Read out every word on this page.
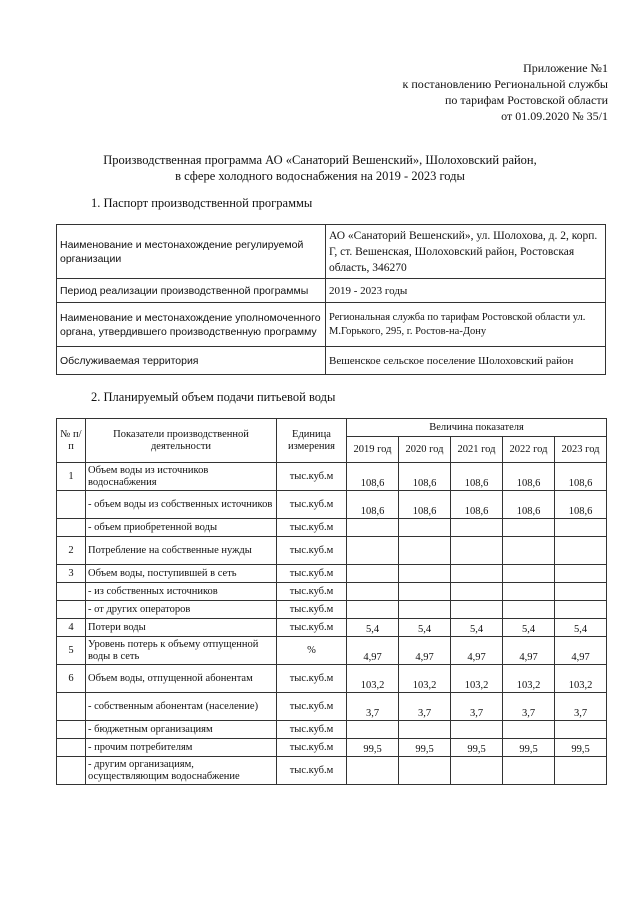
Приложение №1
к постановлению Региональной службы
по тарифам Ростовской области
от 01.09.2020 № 35/1
Производственная программа АО «Санаторий Вешенский», Шолоховский район,
в сфере холодного водоснабжения на 2019 - 2023 годы
1. Паспорт производственной программы
Наименование и местонахождение регулируемой организации	АО «Санаторий Вешенский», ул. Шолохова, д. 2, корп. Г, ст. Вешенская, Шолоховский район, Ростовская область, 346270
Период реализации производственной программы	2019 - 2023 годы
Наименование и местонахождение уполномоченного органа, утвердившего производственную программу	Региональная служба по тарифам Ростовской области ул. М.Горького, 295, г. Ростов-на-Дону
Обслуживаемая территория	Вешенское сельское поселение Шолоховский район
2. Планируемый объем подачи питьевой воды
№ п/п	Показатели производственной деятельности	Единица измерения	Величина показателя				
			2019 год	2020 год	2021 год	2022 год	2023 год
1	Объем воды из источников водоснабжения	тыс.куб.м	108,6	108,6	108,6	108,6	108,6
	- объем воды из собственных источников	тыс.куб.м	108,6	108,6	108,6	108,6	108,6
	- объем приобретенной воды	тыс.куб.м					
2	Потребление на собственные нужды	тыс.куб.м					
3	Объем воды, поступившей в сеть	тыс.куб.м					
	- из собственных источников	тыс.куб.м					
	- от других операторов	тыс.куб.м					
4	Потери воды	тыс.куб.м	5,4	5,4	5,4	5,4	5,4
5	Уровень потерь к объему отпущенной воды в сеть	%	4,97	4,97	4,97	4,97	4,97
6	Объем воды, отпущенной абонентам	тыс.куб.м	103,2	103,2	103,2	103,2	103,2
	- собственным абонентам (население)	тыс.куб.м	3,7	3,7	3,7	3,7	3,7
	- бюджетным организациям	тыс.куб.м					
	- прочим потребителям	тыс.куб.м	99,5	99,5	99,5	99,5	99,5
	- другим организациям, осуществляющим водоснабжение	тыс.куб.м					
